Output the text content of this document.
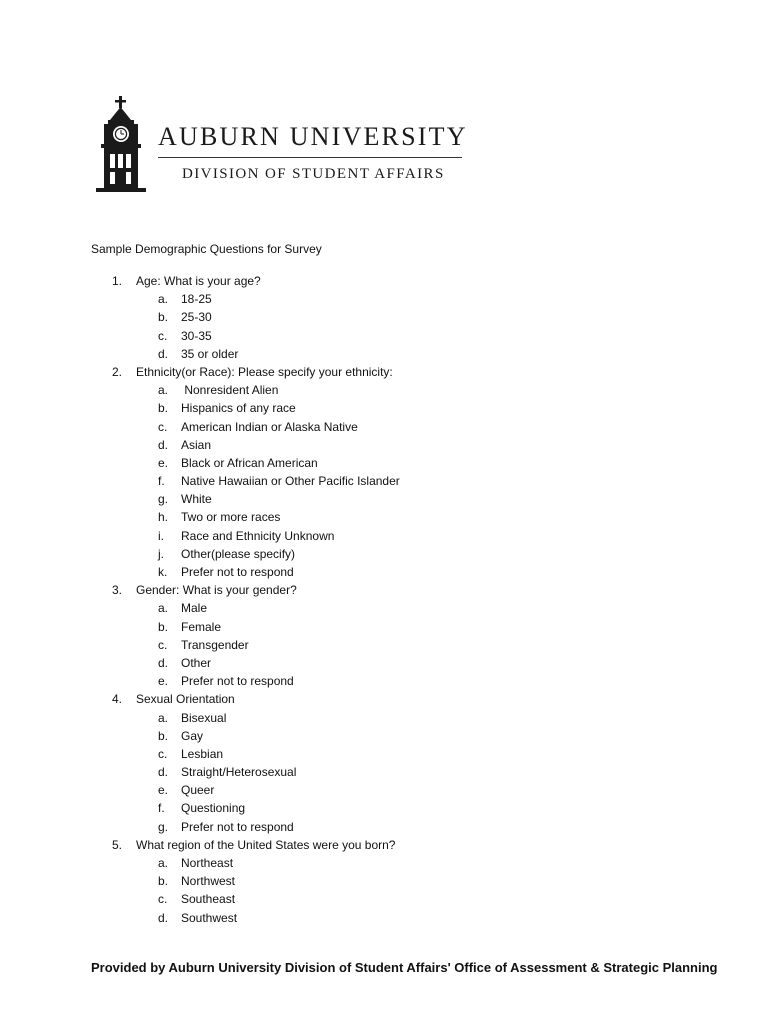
AUBURN UNIVERSITY
DIVISION OF STUDENT AFFAIRS
Sample Demographic Questions for Survey
1. Age: What is your age?
a. 18-25
b. 25-30
c. 30-35
d. 35 or older
2. Ethnicity(or Race): Please specify your ethnicity:
a. Nonresident Alien
b. Hispanics of any race
c. American Indian or Alaska Native
d. Asian
e. Black or African American
f. Native Hawaiian or Other Pacific Islander
g. White
h. Two or more races
i. Race and Ethnicity Unknown
j. Other(please specify)
k. Prefer not to respond
3. Gender: What is your gender?
a. Male
b. Female
c. Transgender
d. Other
e. Prefer not to respond
4. Sexual Orientation
a. Bisexual
b. Gay
c. Lesbian
d. Straight/Heterosexual
e. Queer
f. Questioning
g. Prefer not to respond
5. What region of the United States were you born?
a. Northeast
b. Northwest
c. Southeast
d. Southwest
Provided by Auburn University Division of Student Affairs' Office of Assessment & Strategic Planning
